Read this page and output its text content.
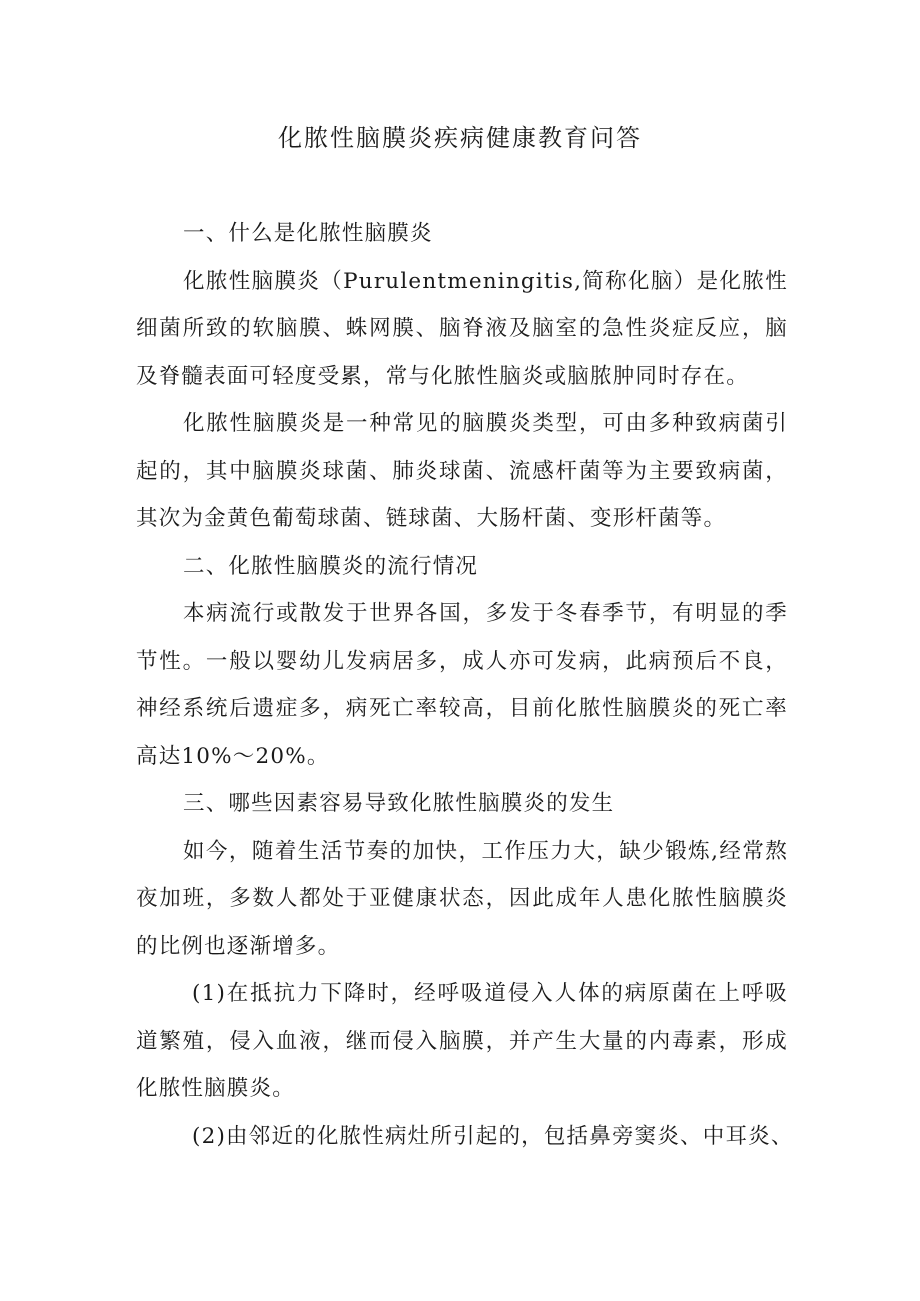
化脓性脑膜炎疾病健康教育问答

一、什么是化脓性脑膜炎

化脓性脑膜炎（Purulentmeningitis,简称化脑）是化脓性细菌所致的软脑膜、蛛网膜、脑脊液及脑室的急性炎症反应，脑及脊髓表面可轻度受累，常与化脓性脑炎或脑脓肿同时存在。

化脓性脑膜炎是一种常见的脑膜炎类型，可由多种致病菌引起的，其中脑膜炎球菌、肺炎球菌、流感杆菌等为主要致病菌，其次为金黄色葡萄球菌、链球菌、大肠杆菌、变形杆菌等。

二、化脓性脑膜炎的流行情况

本病流行或散发于世界各国，多发于冬春季节，有明显的季节性。一般以婴幼儿发病居多，成人亦可发病，此病预后不良，神经系统后遗症多，病死亡率较高，目前化脓性脑膜炎的死亡率高达10%～20%。

三、哪些因素容易导致化脓性脑膜炎的发生

如今，随着生活节奏的加快，工作压力大，缺少锻炼,经常熬夜加班，多数人都处于亚健康状态，因此成年人患化脓性脑膜炎的比例也逐渐增多。

(1)在抵抗力下降时，经呼吸道侵入人体的病原菌在上呼吸道繁殖，侵入血液，继而侵入脑膜，并产生大量的内毒素，形成化脓性脑膜炎。

(2)由邻近的化脓性病灶所引起的，包括鼻旁窦炎、中耳炎、
